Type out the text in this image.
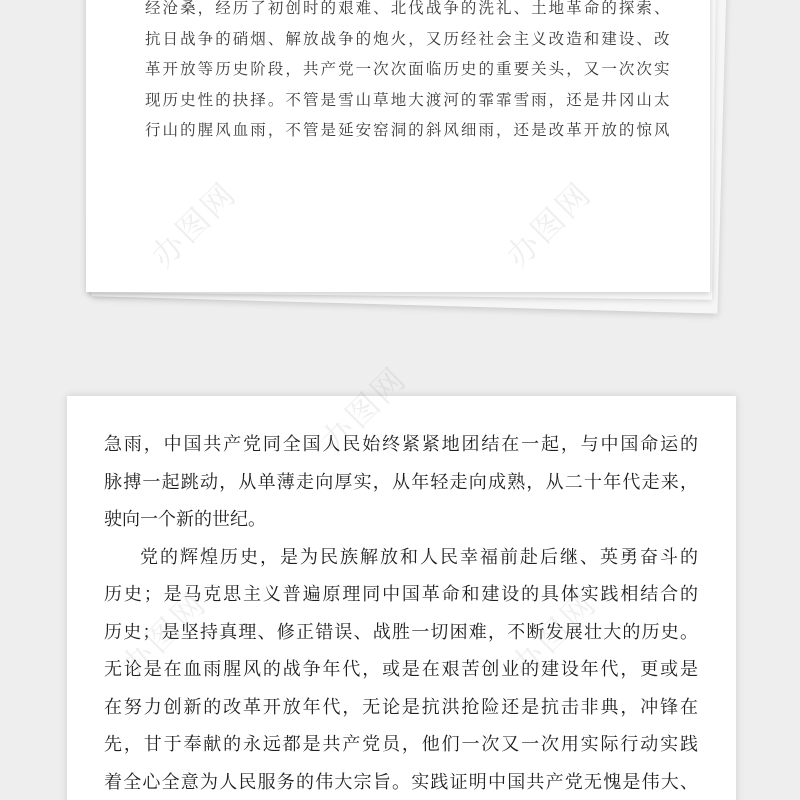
经沧桑，经历了初创时的艰难、北伐战争的洗礼、土地革命的探索、
抗日战争的硝烟、解放战争的炮火，又历经社会主义改造和建设、改
革开放等历史阶段，共产党一次次面临历史的重要关头，又一次次实
现历史性的抉择。不管是雪山草地大渡河的霏霏雪雨，还是井冈山太
行山的腥风血雨，不管是延安窑洞的斜风细雨，还是改革开放的惊风
急雨，中国共产党同全国人民始终紧紧地团结在一起，与中国命运的
脉搏一起跳动，从单薄走向厚实，从年轻走向成熟，从二十年代走来，
驶向一个新的世纪。
党的辉煌历史，是为民族解放和人民幸福前赴后继、英勇奋斗的
历史；是马克思主义普遍原理同中国革命和建设的具体实践相结合的
历史；是坚持真理、修正错误、战胜一切困难，不断发展壮大的历史。
无论是在血雨腥风的战争年代，或是在艰苦创业的建设年代，更或是
在努力创新的改革开放年代，无论是抗洪抢险还是抗击非典，冲锋在
先，甘于奉献的永远都是共产党员，他们一次又一次用实际行动实践
着全心全意为人民服务的伟大宗旨。实践证明中国共产党无愧是伟大、
